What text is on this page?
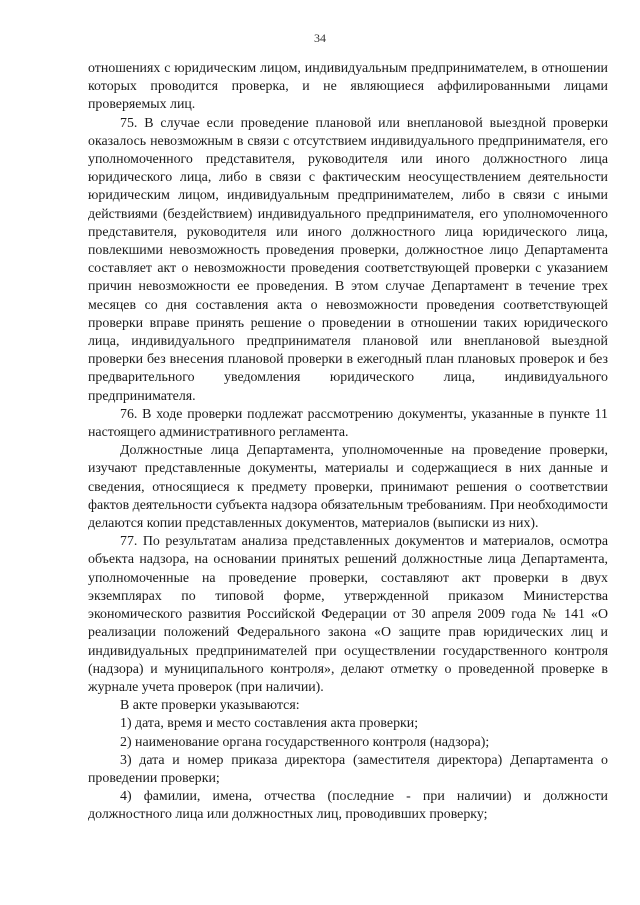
34

отношениях с юридическим лицом, индивидуальным предпринимателем, в отношении которых проводится проверка, и не являющиеся аффилированными лицами проверяемых лиц.

75. В случае если проведение плановой или внеплановой выездной проверки оказалось невозможным в связи с отсутствием индивидуального предпринимателя, его уполномоченного представителя, руководителя или иного должностного лица юридического лица, либо в связи с фактическим неосуществлением деятельности юридическим лицом, индивидуальным предпринимателем, либо в связи с иными действиями (бездействием) индивидуального предпринимателя, его уполномоченного представителя, руководителя или иного должностного лица юридического лица, повлекшими невозможность проведения проверки, должностное лицо Департамента составляет акт о невозможности проведения соответствующей проверки с указанием причин невозможности ее проведения. В этом случае Департамент в течение трех месяцев со дня составления акта о невозможности проведения соответствующей проверки вправе принять решение о проведении в отношении таких юридического лица, индивидуального предпринимателя плановой или внеплановой выездной проверки без внесения плановой проверки в ежегодный план плановых проверок и без предварительного уведомления юридического лица, индивидуального предпринимателя.

76. В ходе проверки подлежат рассмотрению документы, указанные в пункте 11 настоящего административного регламента.

Должностные лица Департамента, уполномоченные на проведение проверки, изучают представленные документы, материалы и содержащиеся в них данные и сведения, относящиеся к предмету проверки, принимают решения о соответствии фактов деятельности субъекта надзора обязательным требованиям. При необходимости делаются копии представленных документов, материалов (выписки из них).

77. По результатам анализа представленных документов и материалов, осмотра объекта надзора, на основании принятых решений должностные лица Департамента, уполномоченные на проведение проверки, составляют акт проверки в двух экземплярах по типовой форме, утвержденной приказом Министерства экономического развития Российской Федерации от 30 апреля 2009 года № 141 «О реализации положений Федерального закона «О защите прав юридических лиц и индивидуальных предпринимателей при осуществлении государственного контроля (надзора) и муниципального контроля», делают отметку о проведенной проверке в журнале учета проверок (при наличии).

В акте проверки указываются:

1) дата, время и место составления акта проверки;

2) наименование органа государственного контроля (надзора);

3) дата и номер приказа директора (заместителя директора) Департамента о проведении проверки;

4) фамилии, имена, отчества (последние - при наличии) и должности должностного лица или должностных лиц, проводивших проверку;
